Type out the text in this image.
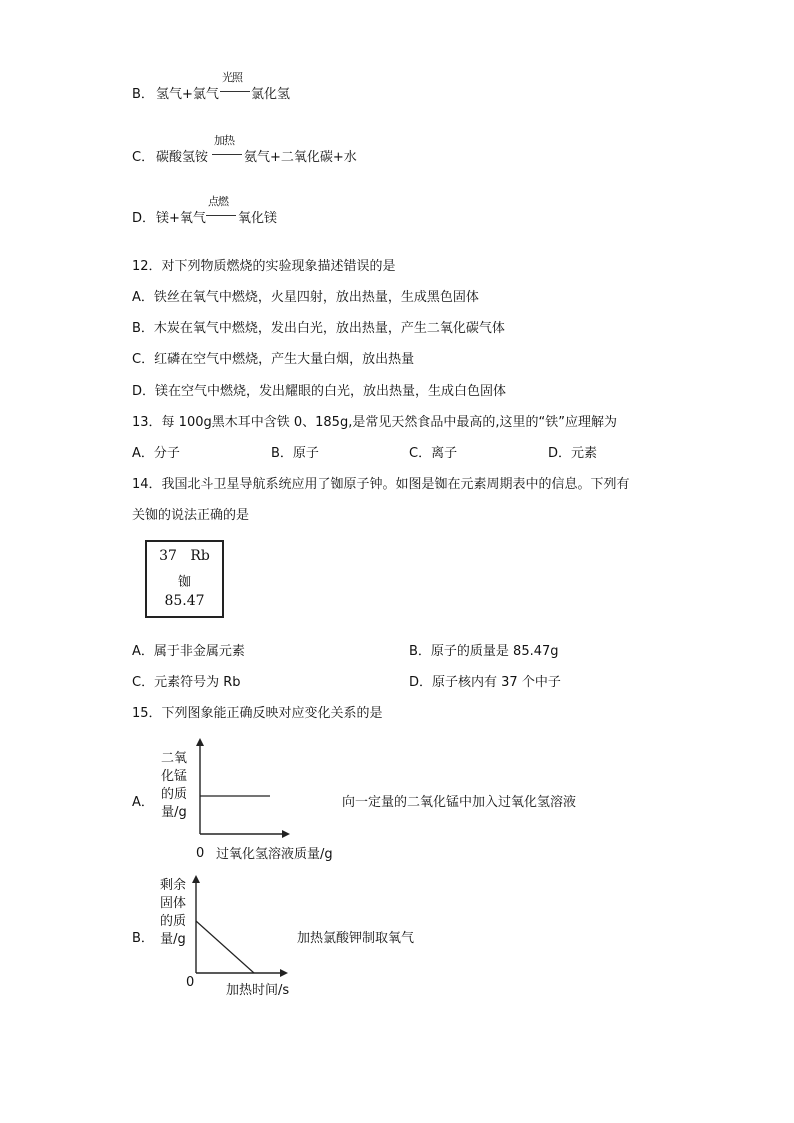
B． 氢气+氯气
光照
氯化氢
C． 碳酸氢铵
加热
氨气+二氧化碳+水
D． 镁+氧气
点燃
氧化镁
12．对下列物质燃烧的实验现象描述错误的是
A．铁丝在氧气中燃烧，火星四射，放出热量，生成黑色固体
B．木炭在氧气中燃烧，发出白光，放出热量，产生二氧化碳气体
C．红磷在空气中燃烧，产生大量白烟，放出热量
D．镁在空气中燃烧，发出耀眼的白光，放出热量，生成白色固体
13．每 100g黑木耳中含铁 0、185g,是常见天然食品中最高的,这里的“铁”应理解为
A．分子	B．原子	C．离子	D．元素
14．我国北斗卫星导航系统应用了铷原子钟。如图是铷在元素周期表中的信息。下列有
关铷的说法正确的是
37 Rb
铷
85.47
A．属于非金属元素	B．原子的质量是 85.47g
C．元素符号为 Rb	D．原子核内有 37 个中子
15．下列图象能正确反映对应变化关系的是
二氧
化锰
的质
量/g
A．
0 过氧化氢溶液质量/g
向一定量的二氧化锰中加入过氧化氢溶液
剩余
固体
的质
量/g
B．
0
加热时间/s
加热氯酸钾制取氧气
